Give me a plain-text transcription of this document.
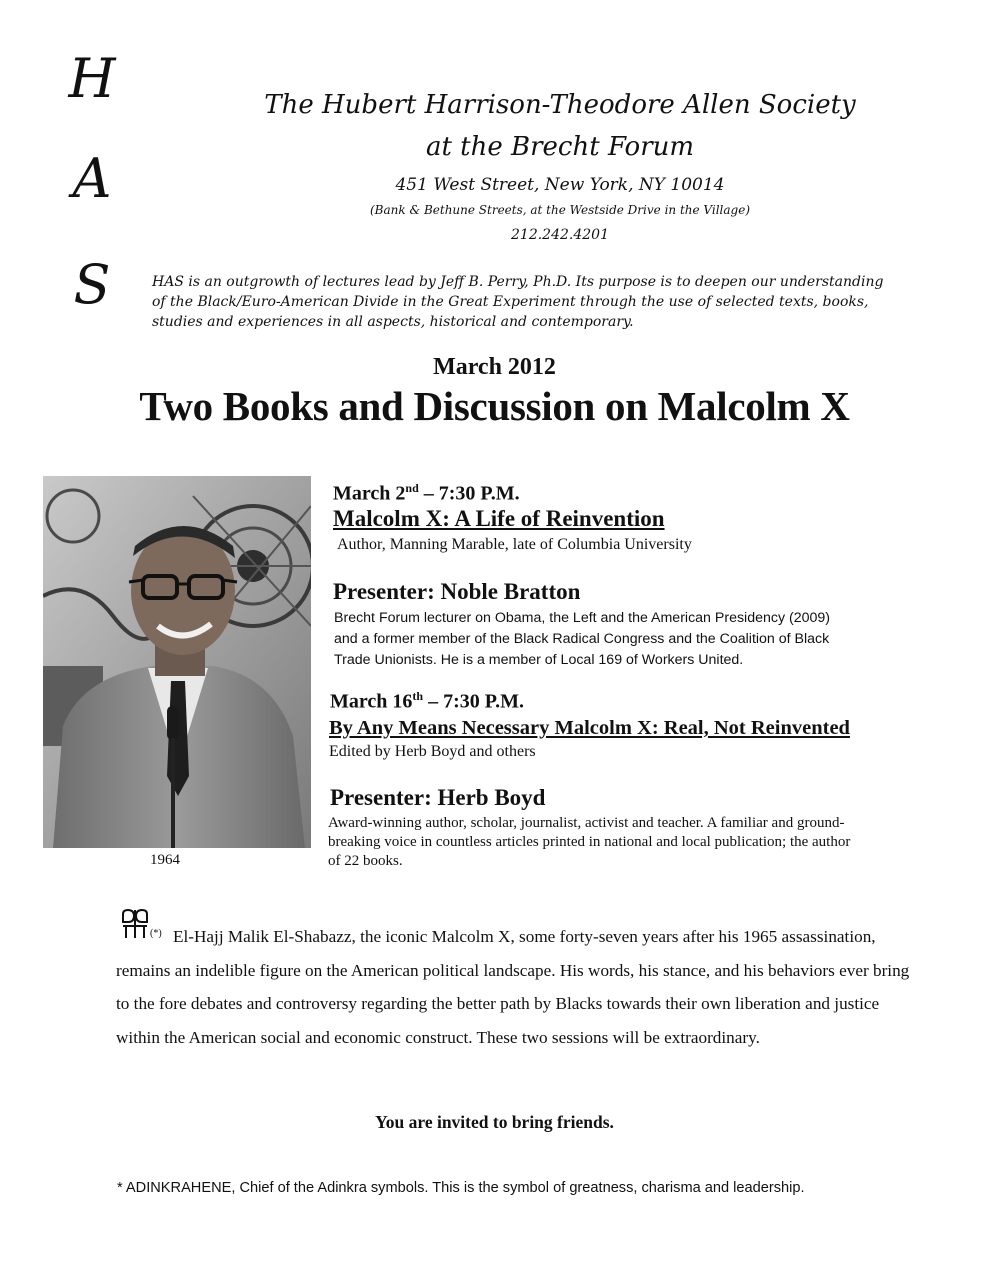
H
A
S
The Hubert Harrison-Theodore Allen Society
at the Brecht Forum
451 West Street, New York, NY 10014
(Bank & Bethune Streets, at the Westside Drive in the Village)
212.242.4201
HAS is an outgrowth of lectures lead by Jeff B. Perry, Ph.D. Its purpose is to deepen our understanding of the Black/Euro-American Divide in the Great Experiment through the use of selected texts, books, studies and experiences in all aspects, historical and contemporary.
March 2012
Two Books and Discussion on Malcolm X
1964
March 2nd – 7:30 P.M.
Malcolm X: A Life of Reinvention
Author, Manning Marable, late of Columbia University
Presenter: Noble Bratton
Brecht Forum lecturer on Obama, the Left and the American Presidency (2009)
and a former member of the Black Radical Congress and the Coalition of Black
Trade Unionists. He is a member of Local 169 of Workers United.
March 16th – 7:30 P.M.
By Any Means Necessary Malcolm X: Real, Not Reinvented
Edited by Herb Boyd and others
Presenter: Herb Boyd
Award-winning author, scholar, journalist, activist and teacher. A familiar and ground-
breaking voice in countless articles printed in national and local publication; the author
of 22 books.
(*) El-Hajj Malik El-Shabazz, the iconic Malcolm X, some forty-seven years after his 1965 assassination, remains an indelible figure on the American political landscape. His words, his stance, and his behaviors ever bring to the fore debates and controversy regarding the better path by Blacks towards their own liberation and justice within the American social and economic construct. These two sessions will be extraordinary.
You are invited to bring friends.
* ADINKRAHENE, Chief of the Adinkra symbols. This is the symbol of greatness, charisma and leadership.
